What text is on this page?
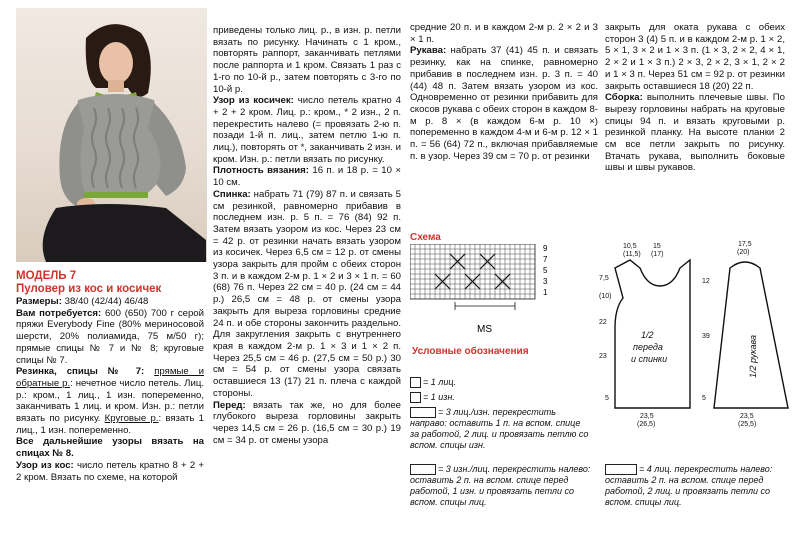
МОДЕЛЬ 7
Пуловер из кос и косичек

Размеры: 38/40 (42/44) 46/48

Вам потребуется: 600 (650) 700 г серой пряжи Everybody Fine (80% мериносовой шерсти, 20% полиамида, 75 м/50 г); прямые спицы № 7 и № 8; круговые спицы № 7.

Резинка, спицы № 7: прямые и обратные р.: нечетное число петель. Лиц. р.: кром., 1 лиц., 1 изн. попеременно, заканчивать 1 лиц. и кром. Изн. р.: петли вязать по рисунку. Круговые р.: вязать 1 лиц., 1 изн. попеременно.

Все дальнейшие узоры вязать на спицах № 8.

Узор из кос: число петель кратно 8 + 2 + 2 кром. Вязать по схеме, на которой

приведены только лиц. р., в изн. р. петли вязать по рисунку. Начинать с 1 кром., повторять раппорт, заканчивать петлями после раппорта и 1 кром. Связать 1 раз с 1-го по 10-й р., затем повторять с 3-го по 10-й р.

Узор из косичек: число петель кратно 4 + 2 + 2 кром. Лиц. р.: кром., * 2 изн., 2 п. перекрестить налево (= провязать 2-ю п. позади 1-й п. лиц., затем петлю 1-ю п. лиц.), повторять от *, заканчивать 2 изн. и кром. Изн. р.: петли вязать по рисунку.

Плотность вязания: 16 п. и 18 р. = 10 × 10 см.

Спинка: набрать 71 (79) 87 п. и связать 5 см резинкой, равномерно прибавив в последнем изн. р. 5 п. = 76 (84) 92 п. Затем вязать узором из кос. Через 23 см = 42 р. от резинки начать вязать узором из косичек. Через 6,5 см = 12 р. от смены узора закрыть для пройм с обеих сторон 3 п. и в каждом 2-м р. 1 × 2 и 3 × 1 п. = 60 (68) 76 п. Через 22 см = 40 р. (24 см = 44 р.) 26,5 см = 48 р. от смены узора закрыть для выреза горловины средние 24 п. и обе стороны закончить раздельно. Для закругления закрыть с внутреннего края в каждом 2-м р. 1 × 3 и 1 × 2 п. Через 25,5 см = 46 р. (27,5 см = 50 р.) 30 см = 54 р. от смены узора связать оставшиеся 13 (17) 21 п. плеча с каждой стороны.

Перед: вязать так же, но для более глубокого выреза горловины закрыть через 14,5 см = 26 р. (16,5 см = 30 р.) 19 см = 34 р. от смены узора

средние 20 п. и в каждом 2-м р. 2 × 2 и 3 × 1 п.

Рукава: набрать 37 (41) 45 п. и связать резинку, как на спинке, равномерно прибавив в последнем изн. р. 3 п. = 40 (44) 48 п. Затем вязать узором из кос. Одновременно от резинки прибавить для скосов рукава с обеих сторон в каждом 8-м р. 8 × (в каждом 6-м р. 10 ×) попеременно в каждом 4-м и 6-м р. 12 × 1 п. = 56 (64) 72 п., включая прибавляемые п. в узор. Через 39 см = 70 р. от резинки

закрыть для оката рукава с обеих сторон 3 (4) 5 п. и в каждом 2-м р. 1 × 2, 5 × 1, 3 × 2 и 1 × 3 п. (1 × 3, 2 × 2, 4 × 1, 2 × 2 и 1 × 3 п.) 2 × 3, 2 × 2, 3 × 1, 2 × 2 и 1 × 3 п. Через 51 см = 92 р. от резинки закрыть оставшиеся 18 (20) 22 п.

Сборка: выполнить плечевые швы. По вырезу горловины набрать на круговые спицы 94 п. и вязать круговыми р. резинкой планку. На высоте планки 2 см все петли закрыть по рисунку. Втачать рукава, выполнить боковые швы и швы рукавов.

Схема
MS
9
7
5
3
1
Условные обозначения
= 1 лиц.
= 1 изн.
= 3 лиц./изн. перекрестить направо: оставить 1 п. на вспом. спице за работой, 2 лиц. и провязать петлю со вспом. спицы изн.
= 3 изн./лиц. перекрестить налево: оставить 2 п. на вспом. спице перед работой, 1 изн. и провязать петли со вспом. спицы лиц.
= 4 лиц. перекрестить налево: оставить 2 п. на вспом. спице перед работой, 2 лиц. и провязать петли со вспом. спицы лиц.
10,5
(11,5)
15
(17)
7,5
(10)
22
23
5
1/2
переда
и спинки
23,5
(26,5)
17,5
(20)
12
39
5
23,5
(25,5)
1/2 рукава
